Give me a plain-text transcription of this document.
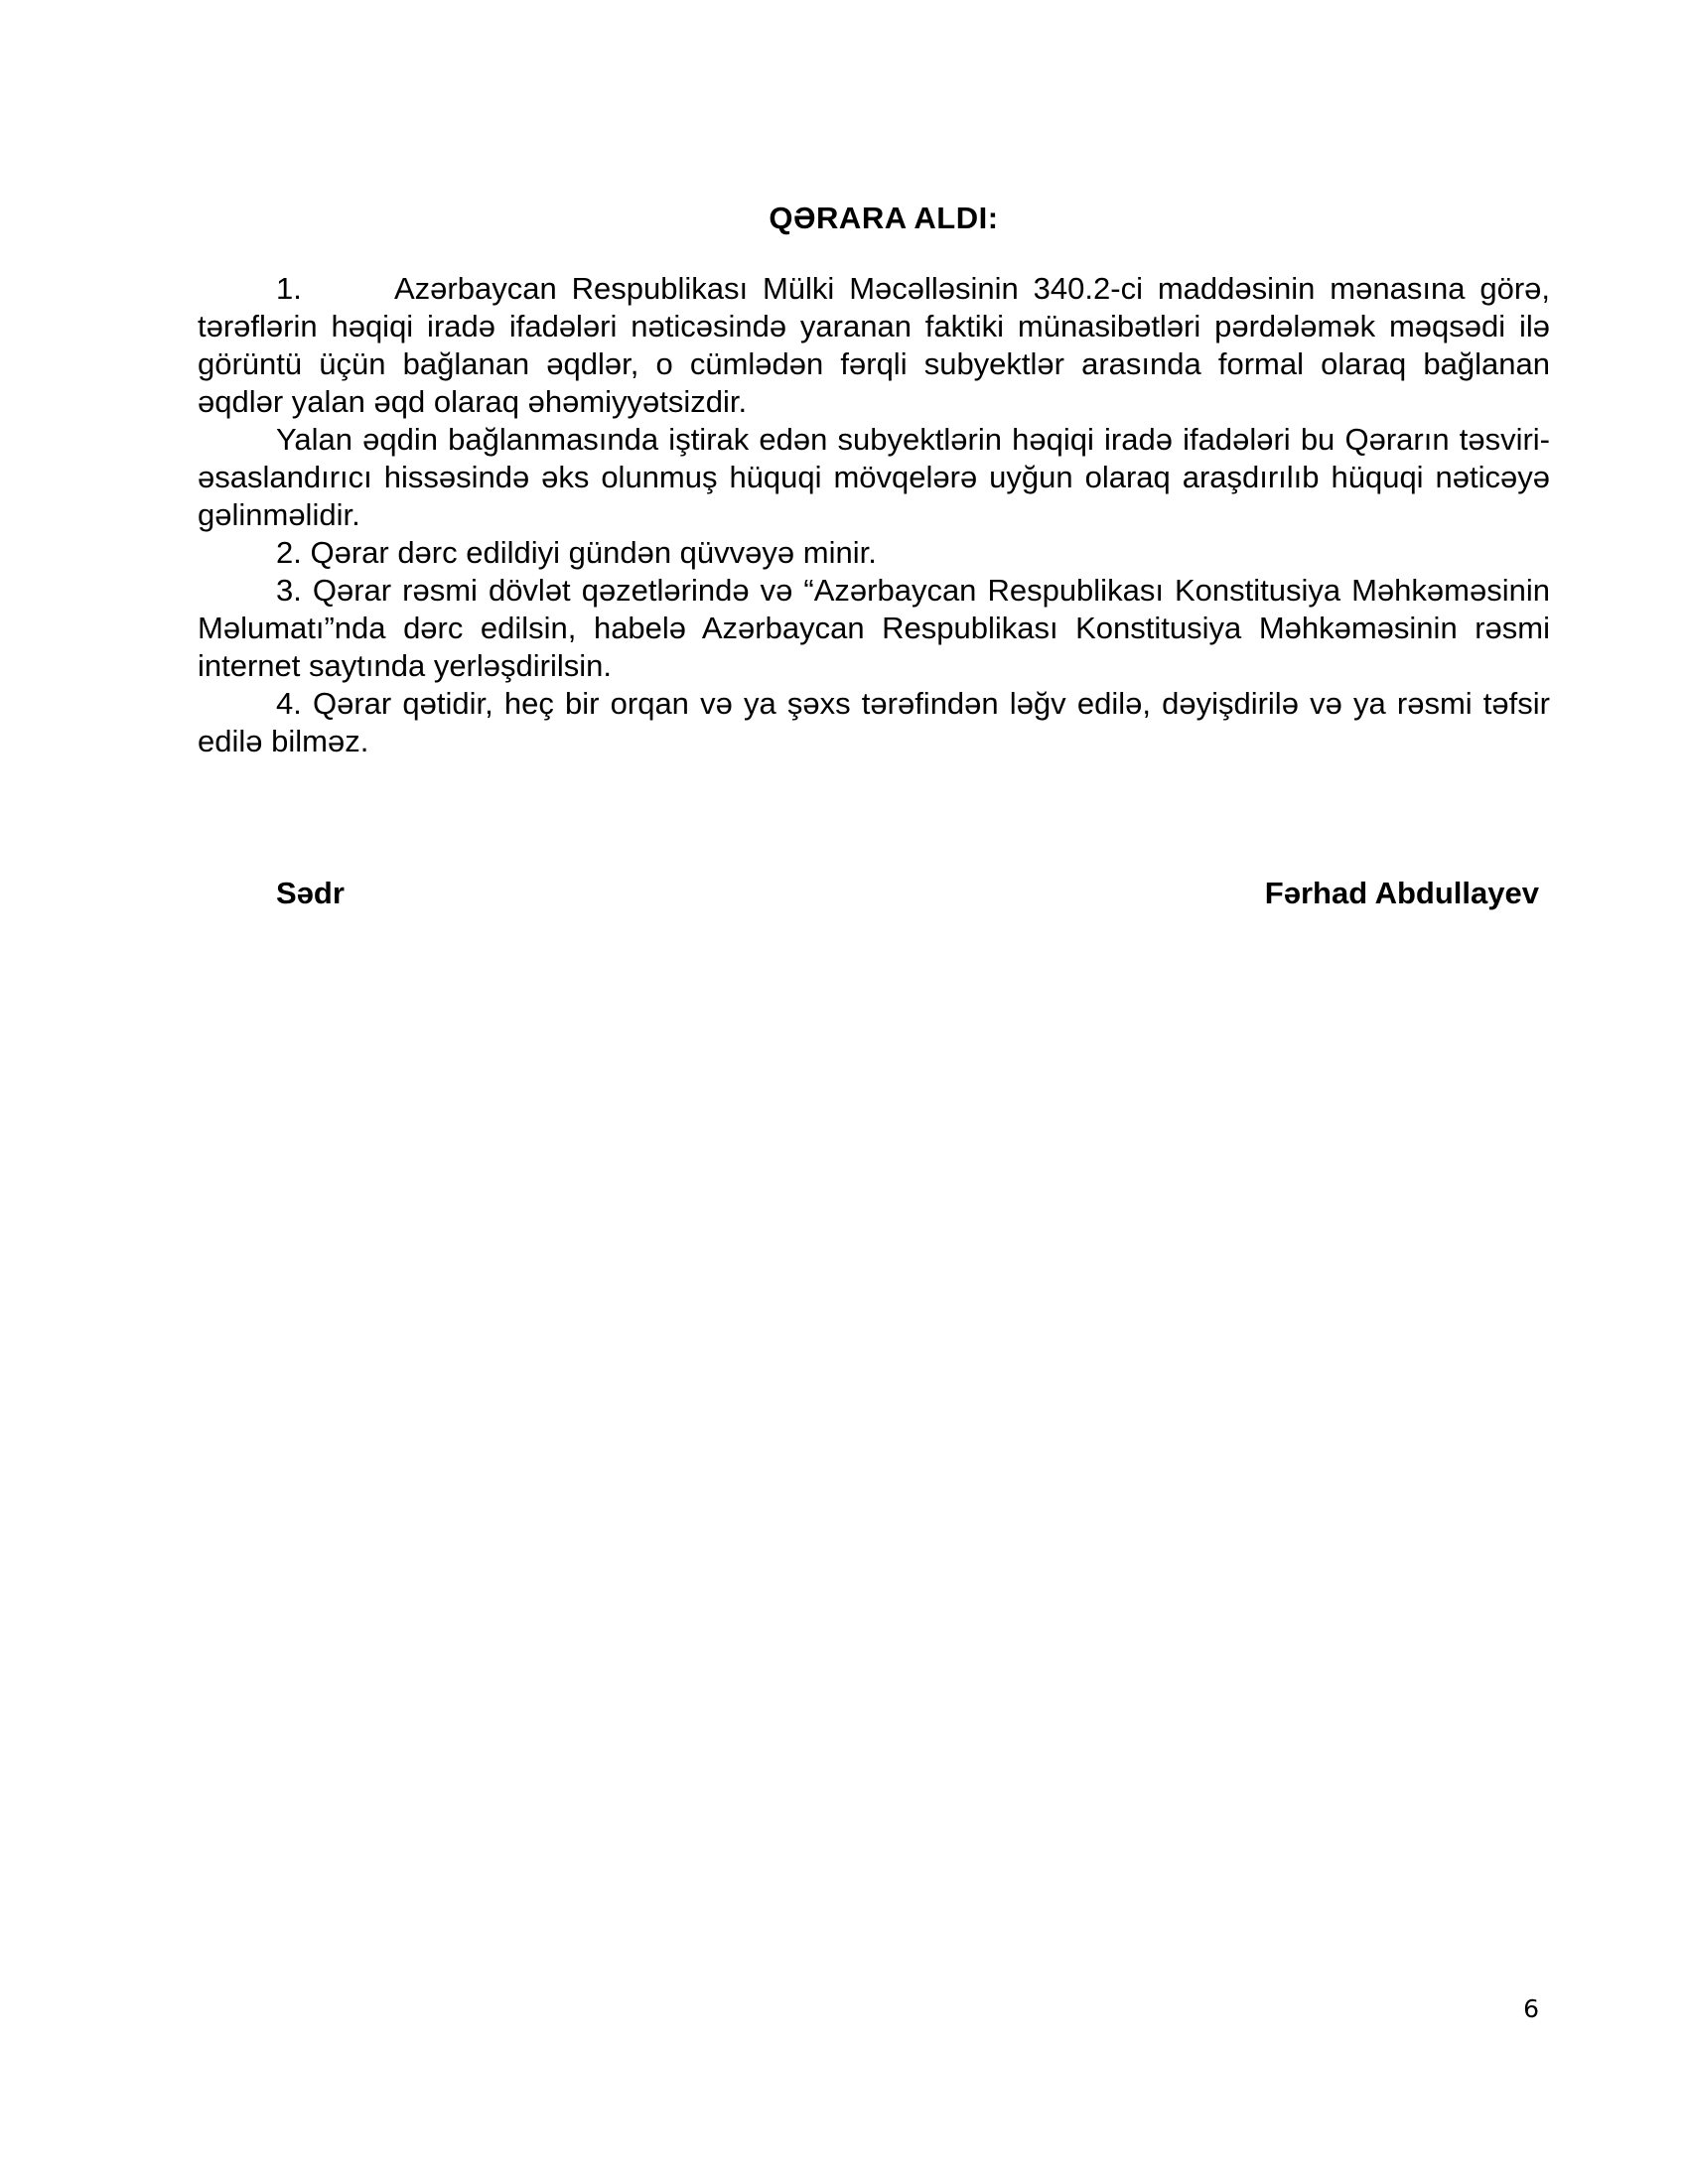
QƏRARA ALDI:

1.	Azərbaycan Respublikası Mülki Məcəlləsinin 340.2-ci maddəsinin mənasına görə, tərəflərin həqiqi iradə ifadələri nəticəsində yaranan faktiki münasibətləri pərdələmək məqsədi ilə görüntü üçün bağlanan əqdlər, o cümlədən fərqli subyektlər arasında formal olaraq bağlanan əqdlər yalan əqd olaraq əhəmiyyətsizdir.

Yalan əqdin bağlanmasında iştirak edən subyektlərin həqiqi iradə ifadələri bu Qərarın təsviri-əsaslandırıcı hissəsində əks olunmuş hüquqi mövqelərə uyğun olaraq araşdırılıb hüquqi nəticəyə gəlinməlidir.

2. Qərar dərc edildiyi gündən qüvvəyə minir.

3. Qərar rəsmi dövlət qəzetlərində və “Azərbaycan Respublikası Konstitusiya Məhkəməsinin Məlumatı”nda dərc edilsin, habelə Azərbaycan Respublikası Konstitusiya Məhkəməsinin rəsmi internet saytında yerləşdirilsin.

4. Qərar qətidir, heç bir orqan və ya şəxs tərəfindən ləğv edilə, dəyişdirilə və ya rəsmi təfsir edilə bilməz.

Sədr	Fərhad Abdullayev
6
